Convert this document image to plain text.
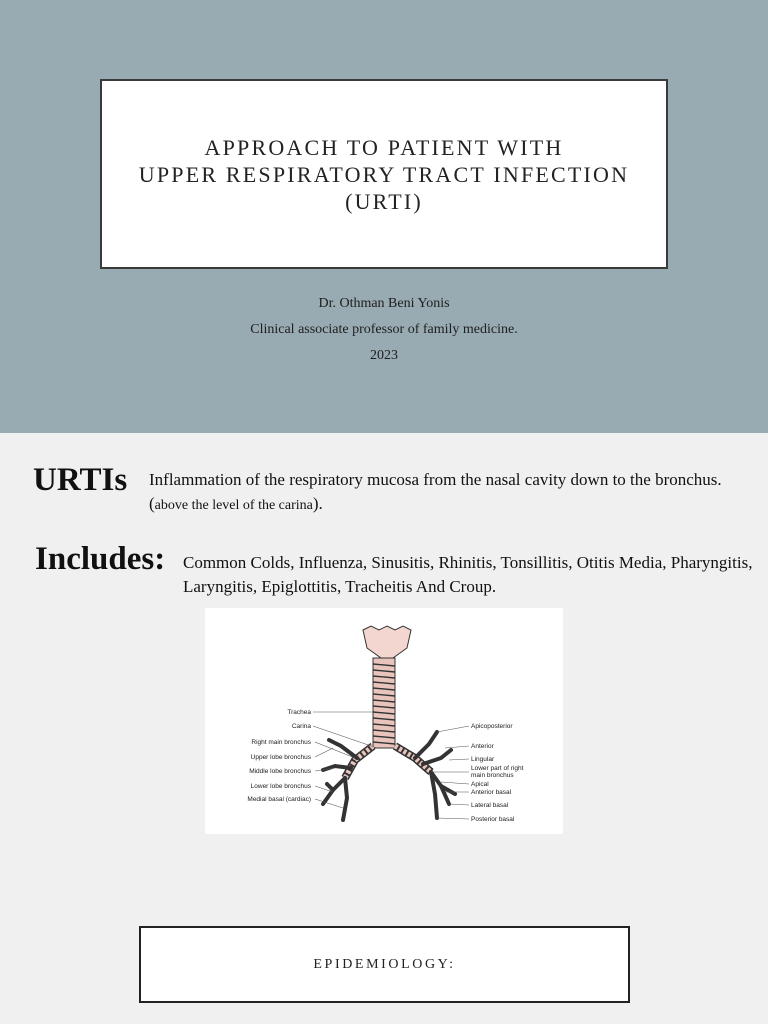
APPROACH TO PATIENT WITH
UPPER RESPIRATORY TRACT INFECTION
(URTI)
Dr. Othman Beni Yonis
Clinical associate professor of family medicine.
2023
URTIs Inflammation of the respiratory mucosa from the nasal cavity down to the bronchus. (above the level of the carina).
Includes: Common Colds, Influenza, Sinusitis, Rhinitis, Tonsillitis, Otitis Media, Pharyngitis, Laryngitis, Epiglottitis, Tracheitis And Croup.
Trachea
Carina
Right main bronchus
Upper lobe bronchus
Middle lobe bronchus
Lower lobe bronchus
Medial basal (cardiac)
Apicoposterior
Anterior
Lingular
Lower part of right
main bronchus
Apical
Anterior basal
Lateral basal
Posterior basal
EPIDEMIOLOGY:
